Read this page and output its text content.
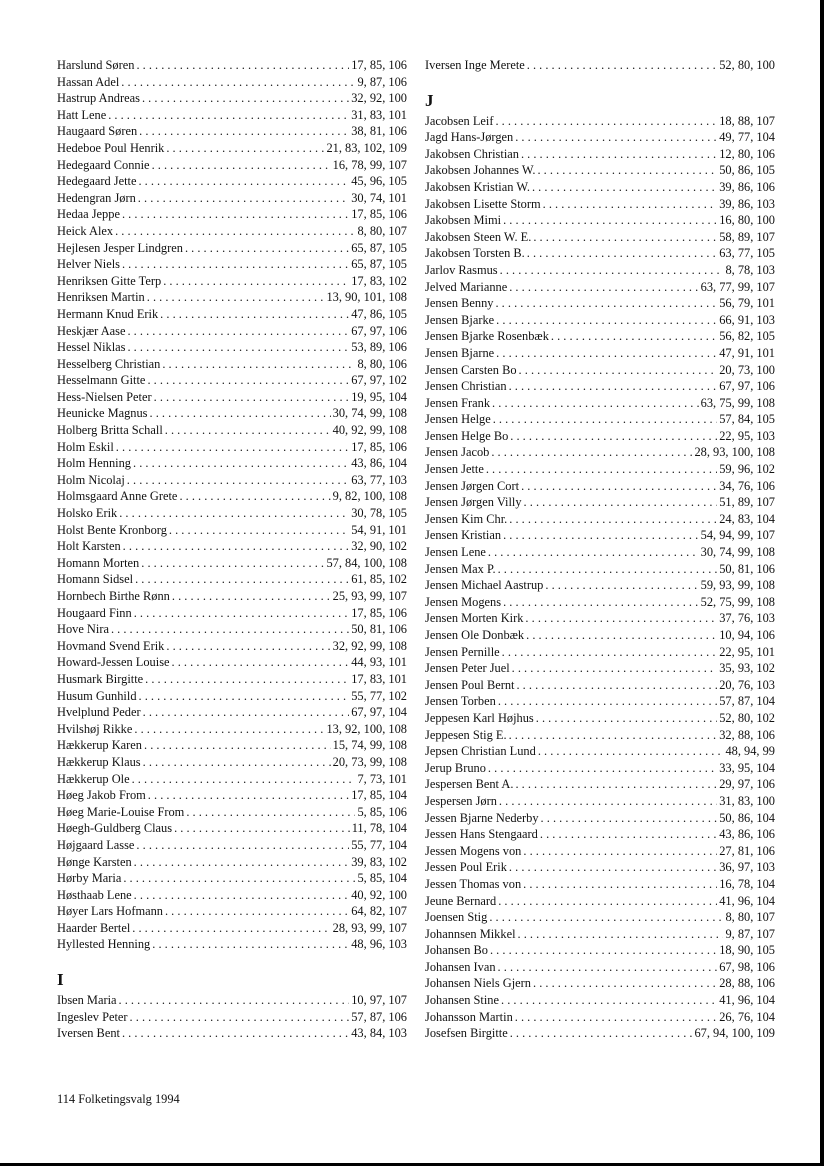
Harslund Søren . . .	17, 85, 106
Hassan Adel . . .	9, 87, 106
Hastrup Andreas . . .	32, 92, 100
Hatt Lene . . .	31, 83, 101
Haugaard Søren . . .	38, 81, 106
Hedeboe Poul Henrik . . .	21, 83, 102, 109
Hedegaard Connie . . .	16, 78, 99, 107
Hedegaard Jette . . .	45, 96, 105
Hedengran Jørn . . .	30, 74, 101
Hedaa Jeppe . . .	17, 85, 106
Heick Alex . . .	8, 80, 107
Hejlesen Jesper Lindgren . . .	65, 87, 105
Helver Niels . . .	65, 87, 105
Henriksen Gitte Terp . . .	17, 83, 102
Henriksen Martin . . .	13, 90, 101, 108
Hermann Knud Erik . . .	47, 86, 105
Heskjær Aase . . .	67, 97, 106
Hessel Niklas . . .	53, 89, 106
Hesselberg Christian . . .	8, 80, 106
Hesselmann Gitte . . .	67, 97, 102
Hess-Nielsen Peter . . .	19, 95, 104
Heunicke Magnus . . .	30, 74, 99, 108
Holberg Britta Schall . . .	40, 92, 99, 108
Holm Eskil . . .	17, 85, 106
Holm Henning . . .	43, 86, 104
Holm Nicolaj . . .	63, 77, 103
Holmsgaard Anne Grete . . .	9, 82, 100, 108
Holsko Erik . . .	30, 78, 105
Holst Bente Kronborg . . .	54, 91, 101
Holt Karsten . . .	32, 90, 102
Homann Morten . . .	57, 84, 100, 108
Homann Sidsel . . .	61, 85, 102
Hornbech Birthe Rønn . . .	25, 93, 99, 107
Hougaard Finn . . .	17, 85, 106
Hove Nira . . .	50, 81, 106
Hovmand Svend Erik . . .	32, 92, 99, 108
Howard-Jessen Louise . . .	44, 93, 101
Husmark Birgitte . . .	17, 83, 101
Husum Gunhild . . .	55, 77, 102
Hvelplund Peder . . .	67, 97, 104
Hvilshøj Rikke . . .	13, 92, 100, 108
Hækkerup Karen . . .	15, 74, 99, 108
Hækkerup Klaus . . .	20, 73, 99, 108
Hækkerup Ole . . .	7, 73, 101
Høeg Jakob From . . .	17, 85, 104
Høeg Marie-Louise From . . .	5, 85, 106
Høegh-Guldberg Claus . . .	11, 78, 104
Højgaard Lasse . . .	55, 77, 104
Hønge Karsten . . .	39, 83, 102
Hørby Maria . . .	5, 85, 104
Høsthaab Lene . . .	40, 92, 100
Høyer Lars Hofmann . . .	64, 82, 107
Haarder Bertel . . .	28, 93, 99, 107
Hyllested Henning . . .	48, 96, 103
I
Ibsen Maria . . .	10, 97, 107
Ingeslev Peter . . .	57, 87, 106
Iversen Bent . . .	43, 84, 103
Iversen Inge Merete . . .	52, 80, 100
J
Jacobsen Leif . . .	18, 88, 107
Jagd Hans-Jørgen . . .	49, 77, 104
Jakobsen Christian . . .	12, 80, 106
Jakobsen Johannes W. . . .	50, 86, 105
Jakobsen Kristian W. . . .	39, 86, 106
Jakobsen Lisette Storm . . .	39, 86, 103
Jakobsen Mimi . . .	16, 80, 100
Jakobsen Steen W. E. . . .	58, 89, 107
Jakobsen Torsten B. . . .	63, 77, 105
Jarlov Rasmus . . .	8, 78, 103
Jelved Marianne . . .	63, 77, 99, 107
Jensen Benny . . .	56, 79, 101
Jensen Bjarke . . .	66, 91, 103
Jensen Bjarke Rosenbæk . . .	56, 82, 105
Jensen Bjarne . . .	47, 91, 101
Jensen Carsten Bo . . .	20, 73, 100
Jensen Christian . . .	67, 97, 106
Jensen Frank . . .	63, 75, 99, 108
Jensen Helge . . .	57, 84, 105
Jensen Helge Bo . . .	22, 95, 103
Jensen Jacob . . .	28, 93, 100, 108
Jensen Jette . . .	59, 96, 102
Jensen Jørgen Cort . . .	34, 76, 106
Jensen Jørgen Villy . . .	51, 89, 107
Jensen Kim Chr. . . .	24, 83, 104
Jensen Kristian . . .	54, 94, 99, 107
Jensen Lene . . .	30, 74, 99, 108
Jensen Max P. . . .	50, 81, 106
Jensen Michael Aastrup . . .	59, 93, 99, 108
Jensen Mogens . . .	52, 75, 99, 108
Jensen Morten Kirk . . .	37, 76, 103
Jensen Ole Donbæk . . .	10, 94, 106
Jensen Pernille . . .	22, 95, 101
Jensen Peter Juel . . .	35, 93, 102
Jensen Poul Bernt . . .	20, 76, 103
Jensen Torben . . .	57, 87, 104
Jeppesen Karl Højhus . . .	52, 80, 102
Jeppesen Stig E. . . .	32, 88, 106
Jepsen Christian Lund . . .	48, 94, 99
Jerup Bruno . . .	33, 95, 104
Jespersen Bent A. . . .	29, 97, 106
Jespersen Jørn . . .	31, 83, 100
Jessen Bjarne Nederby . . .	50, 86, 104
Jessen Hans Stengaard . . .	43, 86, 106
Jessen Mogens von . . .	27, 81, 106
Jessen Poul Erik . . .	36, 97, 103
Jessen Thomas von . . .	16, 78, 104
Jeune Bernard . . .	41, 96, 104
Joensen Stig . . .	8, 80, 107
Johannsen Mikkel . . .	9, 87, 107
Johansen Bo . . .	18, 90, 105
Johansen Ivan . . .	67, 98, 106
Johansen Niels Gjern . . .	28, 88, 106
Johansen Stine . . .	41, 96, 104
Johansson Martin . . .	26, 76, 104
Josefsen Birgitte . . .	67, 94, 100, 109
114 Folketingsvalg 1994
